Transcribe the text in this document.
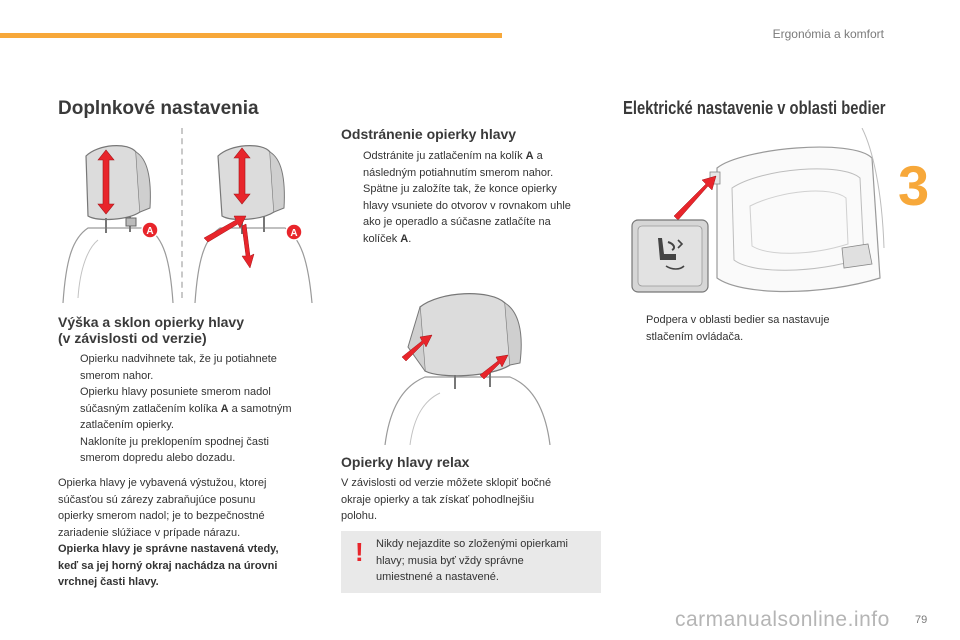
Ergonómia a komfort
3
Doplnkové nastavenia
A	A
Výška a sklon opierky hlavy
(v závislosti od verzie)
Opierku nadvihnete tak, že ju potiahnete
smerom nahor.
Opierku hlavy posuniete smerom nadol
súčasným zatlačením kolíka A a samotným
zatlačením opierky.
Nakloníte ju preklopením spodnej časti
smerom dopredu alebo dozadu.
Opierka hlavy je vybavená výstužou, ktorej
súčasťou sú zárezy zabraňujúce posunu
opierky smerom nadol; je to bezpečnostné
zariadenie slúžiace v prípade nárazu.
Opierka hlavy je správne nastavená vtedy,
keď sa jej horný okraj nachádza na úrovni
vrchnej časti hlavy.
Odstránenie opierky hlavy
Odstránite ju zatlačením na kolík A a
následným potiahnutím smerom nahor.
Spätne ju založíte tak, že konce opierky
hlavy vsuniete do otvorov v rovnakom uhle
ako je operadlo a súčasne zatlačíte na
kolíček A.
Opierky hlavy relax
V závislosti od verzie môžete sklopiť bočné
okraje opierky a tak získať pohodlnejšiu
polohu.
! Nikdy nejazdite so zloženými opierkami
hlavy; musia byť vždy správne
umiestnené a nastavené.
Elektrické nastavenie v oblasti bedier
Podpera v oblasti bedier sa nastavuje
stlačením ovládača.
carmanualsonline.info 79
